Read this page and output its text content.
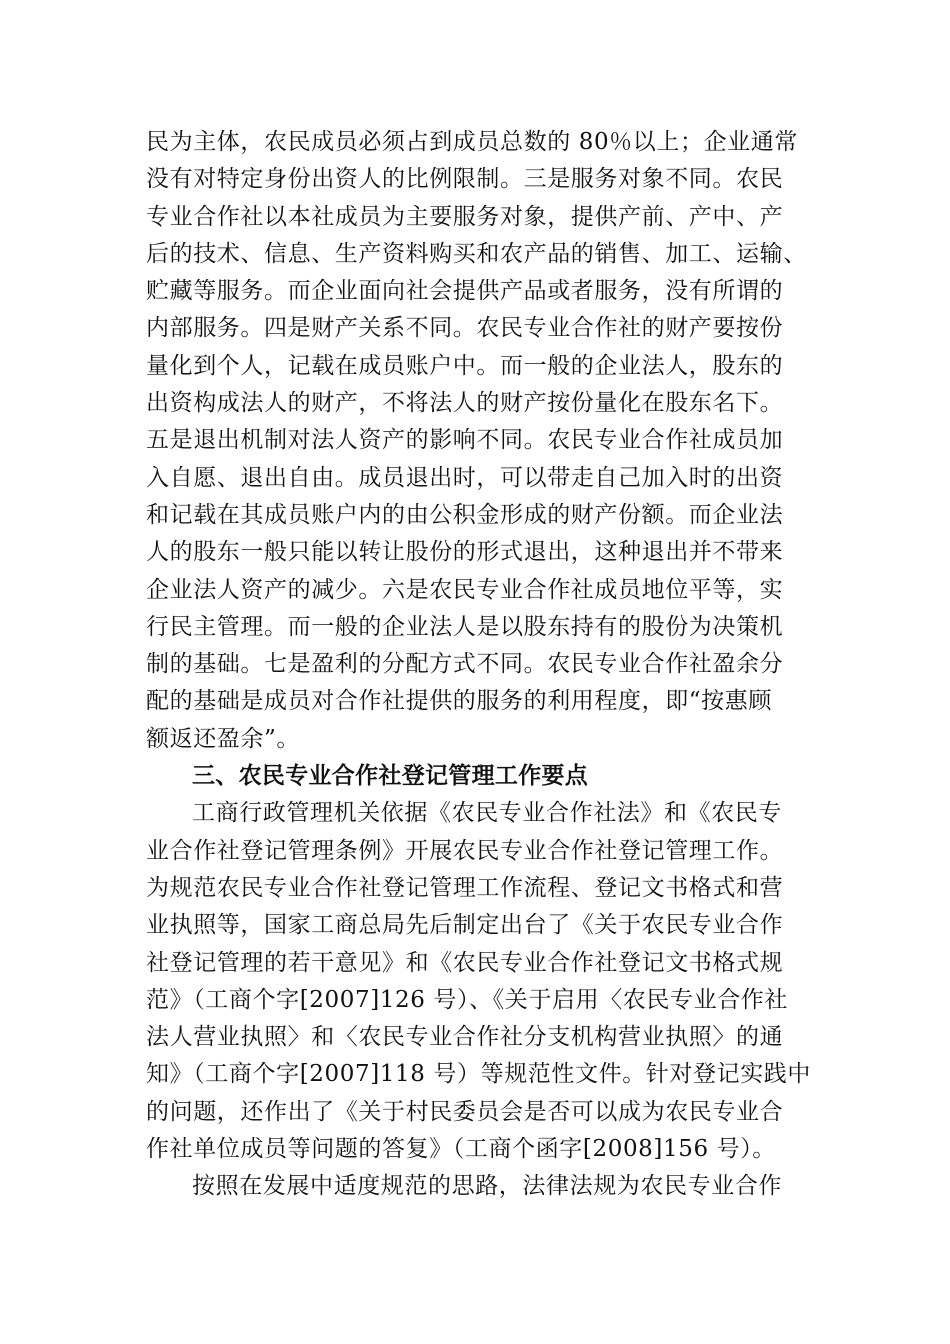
民为主体，农民成员必须占到成员总数的 80％以上；企业通常
没有对特定身份出资人的比例限制。三是服务对象不同。农民
专业合作社以本社成员为主要服务对象，提供产前、产中、产
后的技术、信息、生产资料购买和农产品的销售、加工、运输、
贮藏等服务。而企业面向社会提供产品或者服务，没有所谓的
内部服务。四是财产关系不同。农民专业合作社的财产要按份
量化到个人，记载在成员账户中。而一般的企业法人，股东的
出资构成法人的财产，不将法人的财产按份量化在股东名下。
五是退出机制对法人资产的影响不同。农民专业合作社成员加
入自愿、退出自由。成员退出时，可以带走自己加入时的出资
和记载在其成员账户内的由公积金形成的财产份额。而企业法
人的股东一般只能以转让股份的形式退出，这种退出并不带来
企业法人资产的减少。六是农民专业合作社成员地位平等，实
行民主管理。而一般的企业法人是以股东持有的股份为决策机
制的基础。七是盈利的分配方式不同。农民专业合作社盈余分
配的基础是成员对合作社提供的服务的利用程度，即“按惠顾
额返还盈余”。
三、农民专业合作社登记管理工作要点
工商行政管理机关依据《农民专业合作社法》和《农民专
业合作社登记管理条例》开展农民专业合作社登记管理工作。
为规范农民专业合作社登记管理工作流程、登记文书格式和营
业执照等，国家工商总局先后制定出台了《关于农民专业合作
社登记管理的若干意见》和《农民专业合作社登记文书格式规
范》（工商个字[2007]126 号）、《关于启用〈农民专业合作社
法人营业执照〉和〈农民专业合作社分支机构营业执照〉的通
知》（工商个字[2007]118 号）等规范性文件。针对登记实践中
的问题，还作出了《关于村民委员会是否可以成为农民专业合
作社单位成员等问题的答复》（工商个函字[2008]156 号）。
按照在发展中适度规范的思路，法律法规为农民专业合作
